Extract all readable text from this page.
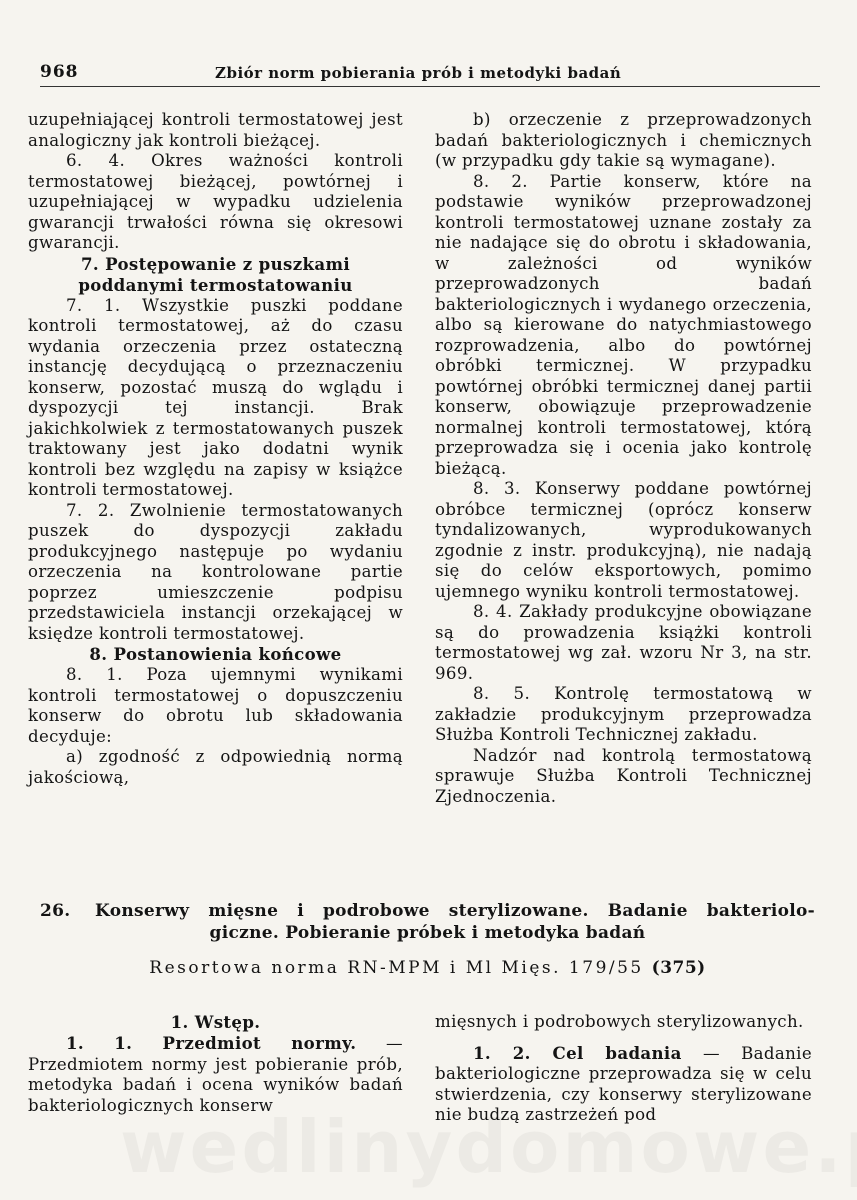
968	Zbiór norm pobierania prób i metodyki badań

uzupełniającej kontroli termostatowej jest analogiczny jak kontroli bieżącej.

6. 4. Okres ważności kontroli termostatowej bieżącej, powtórnej i uzupełniającej w wypadku udzielenia gwarancji trwałości równa się okresowi gwarancji.

7. Postępowanie z puszkami poddanymi termostatowaniu

7. 1. Wszystkie puszki poddane kontroli termostatowej, aż do czasu wydania orzeczenia przez ostateczną instancję decydującą o przeznaczeniu konserw, pozostać muszą do wglądu i dyspozycji tej instancji. Brak jakichkolwiek z termostatowanych puszek traktowany jest jako dodatni wynik kontroli bez względu na zapisy w książce kontroli termostatowej.

7. 2. Zwolnienie termostatowanych puszek do dyspozycji zakładu produkcyjnego następuje po wydaniu orzeczenia na kontrolowane partie poprzez umieszczenie podpisu przedstawiciela instancji orzekającej w księdze kontroli termostatowej.

8. Postanowienia końcowe

8. 1. Poza ujemnymi wynikami kontroli termostatowej o dopuszczeniu konserw do obrotu lub składowania decyduje:

a) zgodność z odpowiednią normą jakościową,

b) orzeczenie z przeprowadzonych badań bakteriologicznych i chemicznych (w przypadku gdy takie są wymagane).

8. 2. Partie konserw, które na podstawie wyników przeprowadzonej kontroli termostatowej uznane zostały za nie nadające się do obrotu i składowania, w zależności od wyników przeprowadzonych badań bakteriologicznych i wydanego orzeczenia, albo są kierowane do natychmiastowego rozprowadzenia, albo do powtórnej obróbki termicznej. W przypadku powtórnej obróbki termicznej danej partii konserw, obowiązuje przeprowadzenie normalnej kontroli termostatowej, którą przeprowadza się i ocenia jako kontrolę bieżącą.

8. 3. Konserwy poddane powtórnej obróbce termicznej (oprócz konserw tyndalizowanych, wyprodukowanych zgodnie z instr. produkcyjną), nie nadają się do celów eksportowych, pomimo ujemnego wyniku kontroli termostatowej.

8. 4. Zakłady produkcyjne obowiązane są do prowadzenia książki kontroli termostatowej wg zał. wzoru Nr 3, na str. 969.

8. 5. Kontrolę termostatową w zakładzie produkcyjnym przeprowadza Służba Kontroli Technicznej zakładu.

Nadzór nad kontrolą termostatową sprawuje Służba Kontroli Technicznej Zjednoczenia.

26. Konserwy mięsne i podrobowe sterylizowane. Badanie bakteriolo-
giczne. Pobieranie próbek i metodyka badań
Resortowa norma RN-MPM i Ml Mięs. 179/55 (375)

1. Wstęp.

1. 1. Przedmiot normy. — Przedmiotem normy jest pobieranie prób, metodyka badań i ocena wyników badań bakteriologicznych konserw

mięsnych i podrobowych sterylizowanych.

1. 2. Cel badania — Badanie bakteriologiczne przeprowadza się w celu stwierdzenia, czy konserwy sterylizowane nie budzą zastrzeżeń pod
